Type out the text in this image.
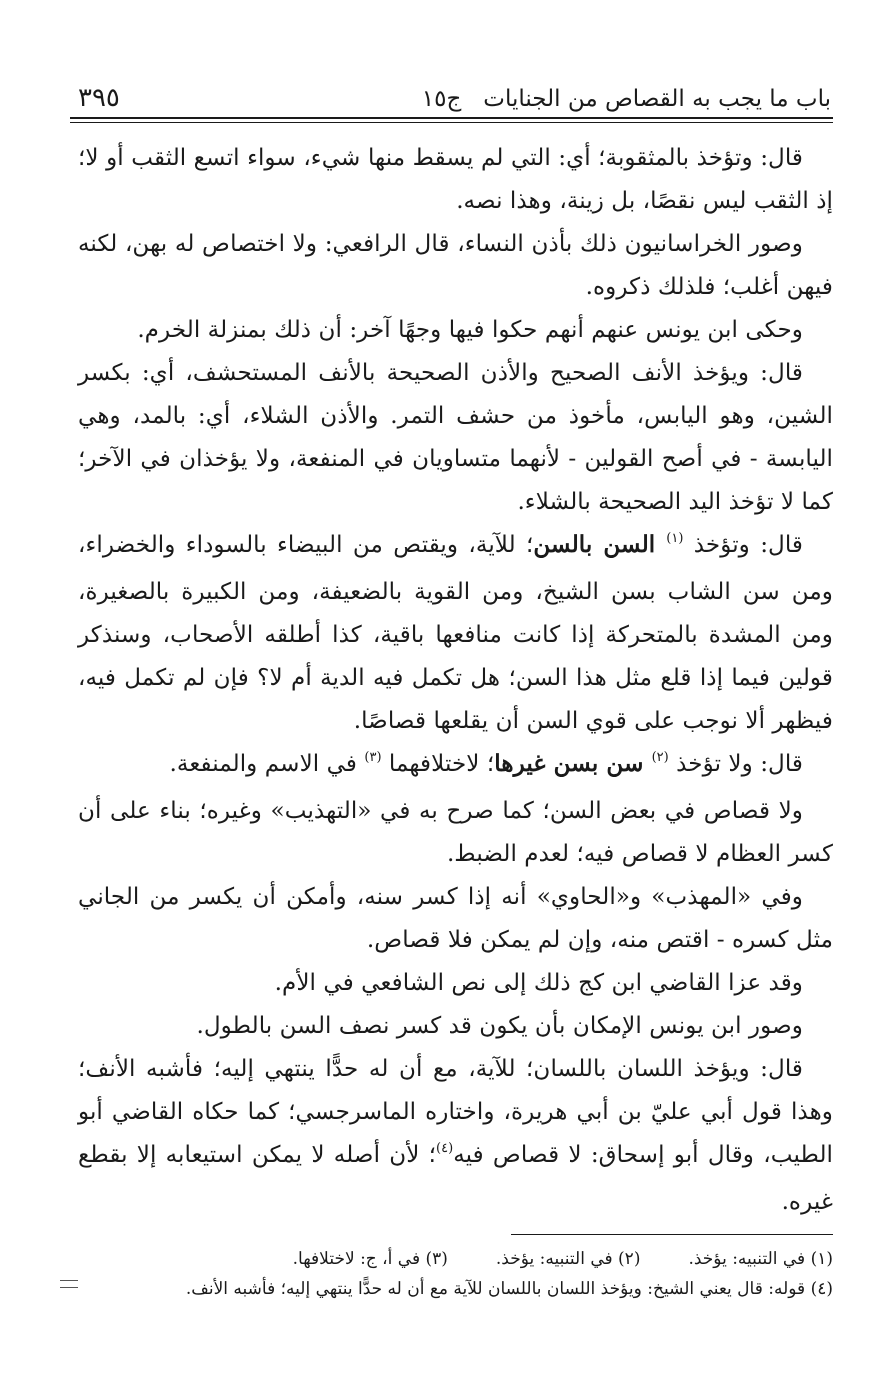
باب ما يجب به القصاص من الجنايات
ج١٥
٣٩٥

قال: وتؤخذ بالمثقوبة؛ أي: التي لم يسقط منها شيء، سواء اتسع الثقب أو لا؛ إذ الثقب ليس نقصًا، بل زينة، وهذا نصه.

وصور الخراسانيون ذلك بأذن النساء، قال الرافعي: ولا اختصاص له بهن، لكنه فيهن أغلب؛ فلذلك ذكروه.

وحكى ابن يونس عنهم أنهم حكوا فيها وجهًا آخر: أن ذلك بمنزلة الخرم.

قال: ويؤخذ الأنف الصحيح والأذن الصحيحة بالأنف المستحشف، أي: بكسر الشين، وهو اليابس، مأخوذ من حشف التمر. والأذن الشلاء، أي: بالمد، وهي اليابسة - في أصح القولين - لأنهما متساويان في المنفعة، ولا يؤخذان في الآخر؛ كما لا تؤخذ اليد الصحيحة بالشلاء.

قال: وتؤخذ $^{(١)}$ السن بالسن؛ للآية، ويقتص من البيضاء بالسوداء والخضراء، ومن سن الشاب بسن الشيخ، ومن القوية بالضعيفة، ومن الكبيرة بالصغيرة، ومن المشدة بالمتحركة إذا كانت منافعها باقية، كذا أطلقه الأصحاب، وسنذكر قولين فيما إذا قلع مثل هذا السن؛ هل تكمل فيه الدية أم لا؟ فإن لم تكمل فيه، فيظهر ألا نوجب على قوي السن أن يقلعها قصاصًا.

قال: ولا تؤخذ $^{(٢)}$ سن بسن غيرها؛ لاختلافهما $^{(٣)}$ في الاسم والمنفعة.

ولا قصاص في بعض السن؛ كما صرح به في «التهذيب» وغيره؛ بناء على أن كسر العظام لا قصاص فيه؛ لعدم الضبط.

وفي «المهذب» و«الحاوي» أنه إذا كسر سنه، وأمكن أن يكسر من الجاني مثل كسره - اقتص منه، وإن لم يمكن فلا قصاص.

وقد عزا القاضي ابن كج ذلك إلى نص الشافعي في الأم.

وصور ابن يونس الإمكان بأن يكون قد كسر نصف السن بالطول.

قال: ويؤخذ اللسان باللسان؛ للآية، مع أن له حدًّا ينتهي إليه؛ فأشبه الأنف؛ وهذا قول أبي عليّ بن أبي هريرة، واختاره الماسرجسي؛ كما حكاه القاضي أبو الطيب، وقال أبو إسحاق: لا قصاص فيه$^{(٤)}$؛ لأن أصله لا يمكن استيعابه إلا بقطع غيره.

(١) في التنبيه: يؤخذ.
(٢) في التنبيه: يؤخذ.
(٣) في أ، ج: لاختلافها.
(٤) قوله: قال يعني الشيخ: ويؤخذ اللسان باللسان للآية مع أن له حدًّا ينتهي إليه؛ فأشبه الأنف.
